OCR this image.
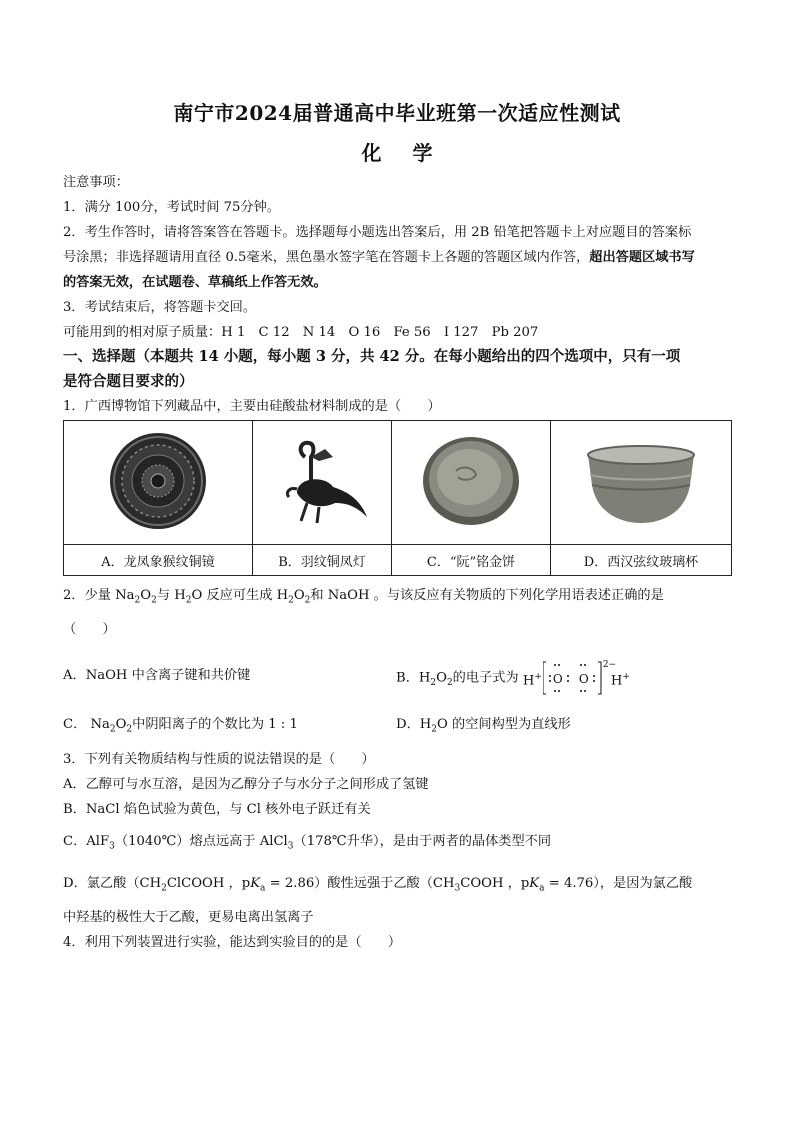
南宁市2024届普通高中毕业班第一次适应性测试
化 学
注意事项：
1．满分 100分，考试时间 75分钟。
2．考生作答时，请将答案答在答题卡。选择题每小题选出答案后，用 2B 铅笔把答题卡上对应题目的答案标
号涂黑；非选择题请用直径 0.5毫米，黑色墨水签字笔在答题卡上各题的答题区域内作答，超出答题区域书写
的答案无效，在试题卷、草稿纸上作答无效。
3．考试结束后，将答题卡交回。
可能用到的相对原子质量：H 1　C 12　N 14　O 16　Fe 56　I 127　Pb 207
一、选择题（本题共 14 小题，每小题 3 分，共 42 分。在每小题给出的四个选项中，只有一项
是符合题目要求的）
1．广西博物馆下列藏品中，主要由硅酸盐材料制成的是（　　）

A．龙凤象猴纹铜镜	B．羽纹铜凤灯	C．“阮”铭金饼	D．西汉弦纹玻璃杯
2．少量 $Na_2O_2$与 $H_2O$ 反应可生成 $H_2O_2$和 NaOH 。与该反应有关物质的下列化学用语表述正确的是
（　　）
A．NaOH 中含离子键和共价键	B．$H_2O_2$的电子式为 H+ O O
2−
H+
C． $Na_2O_2$中阴阳离子的个数比为 1 : 1	D．$H_2O$ 的空间构型为直线形
3．下列有关物质结构与性质的说法错误的是（　　）
A．乙醇可与水互溶，是因为乙醇分子与水分子之间形成了氢键
B．NaCl 焰色试验为黄色，与 Cl 核外电子跃迁有关
C．AlF$_3$（1040℃）熔点远高于 AlCl$_3$（178℃升华），是由于两者的晶体类型不同
D．氯乙酸（$CH_2ClCOOH$ ，$pK_a = 2.86$）酸性远强于乙酸（$CH_3COOH$ ，$pK_a = 4.76$），是因为氯乙酸
中羟基的极性大于乙酸，更易电离出氢离子
4．利用下列装置进行实验，能达到实验目的的是（　　）
